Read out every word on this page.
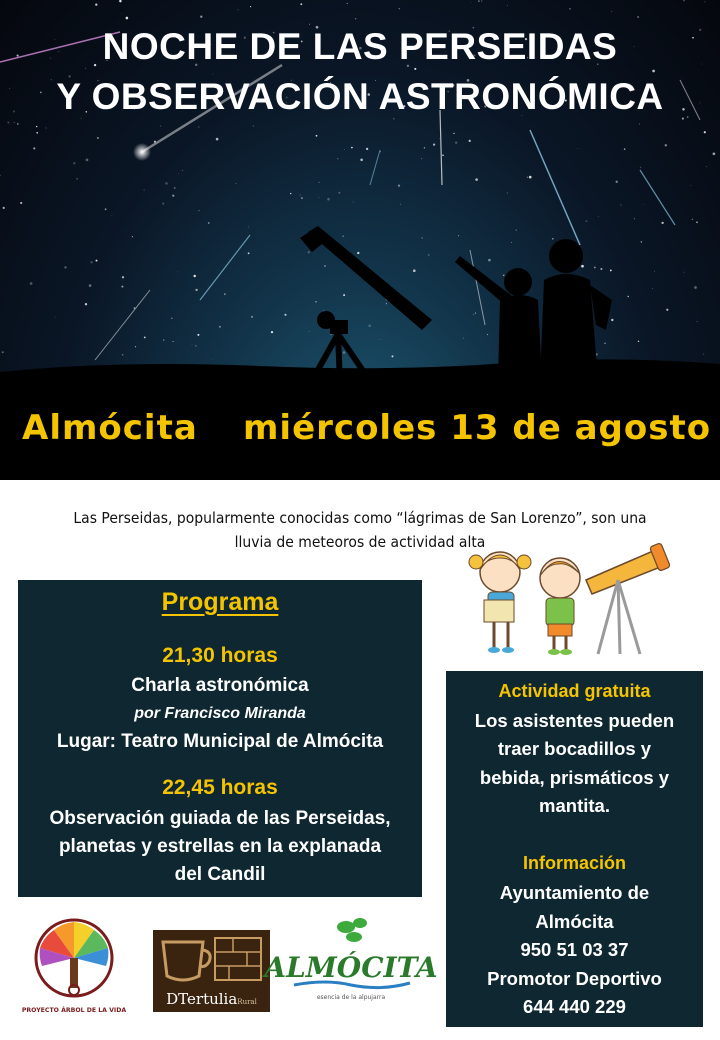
NOCHE DE LAS PERSEIDAS
Y OBSERVACIÓN ASTRONÓMICA
Almócita miércoles 13 de agosto
Las Perseidas, popularmente conocidas como “lágrimas de San Lorenzo”, son una
lluvia de meteoros de actividad alta
Programa
21,30 horas
Charla astronómica
por Francisco Miranda
Lugar: Teatro Municipal de Almócita
22,45 horas
Observación guiada de las Perseidas,
planetas y estrellas en la explanada
del Candil
Actividad gratuita
Los asistentes pueden
traer bocadillos y
bebida, prismáticos y
mantita.
Información
Ayuntamiento de
Almócita
950 51 03 37
Promotor Deportivo
644 440 229
PROYECTO ÁRBOL DE LA VIDA
DTertuliaRural
ALMÓCITA
esencia de la alpujarra
